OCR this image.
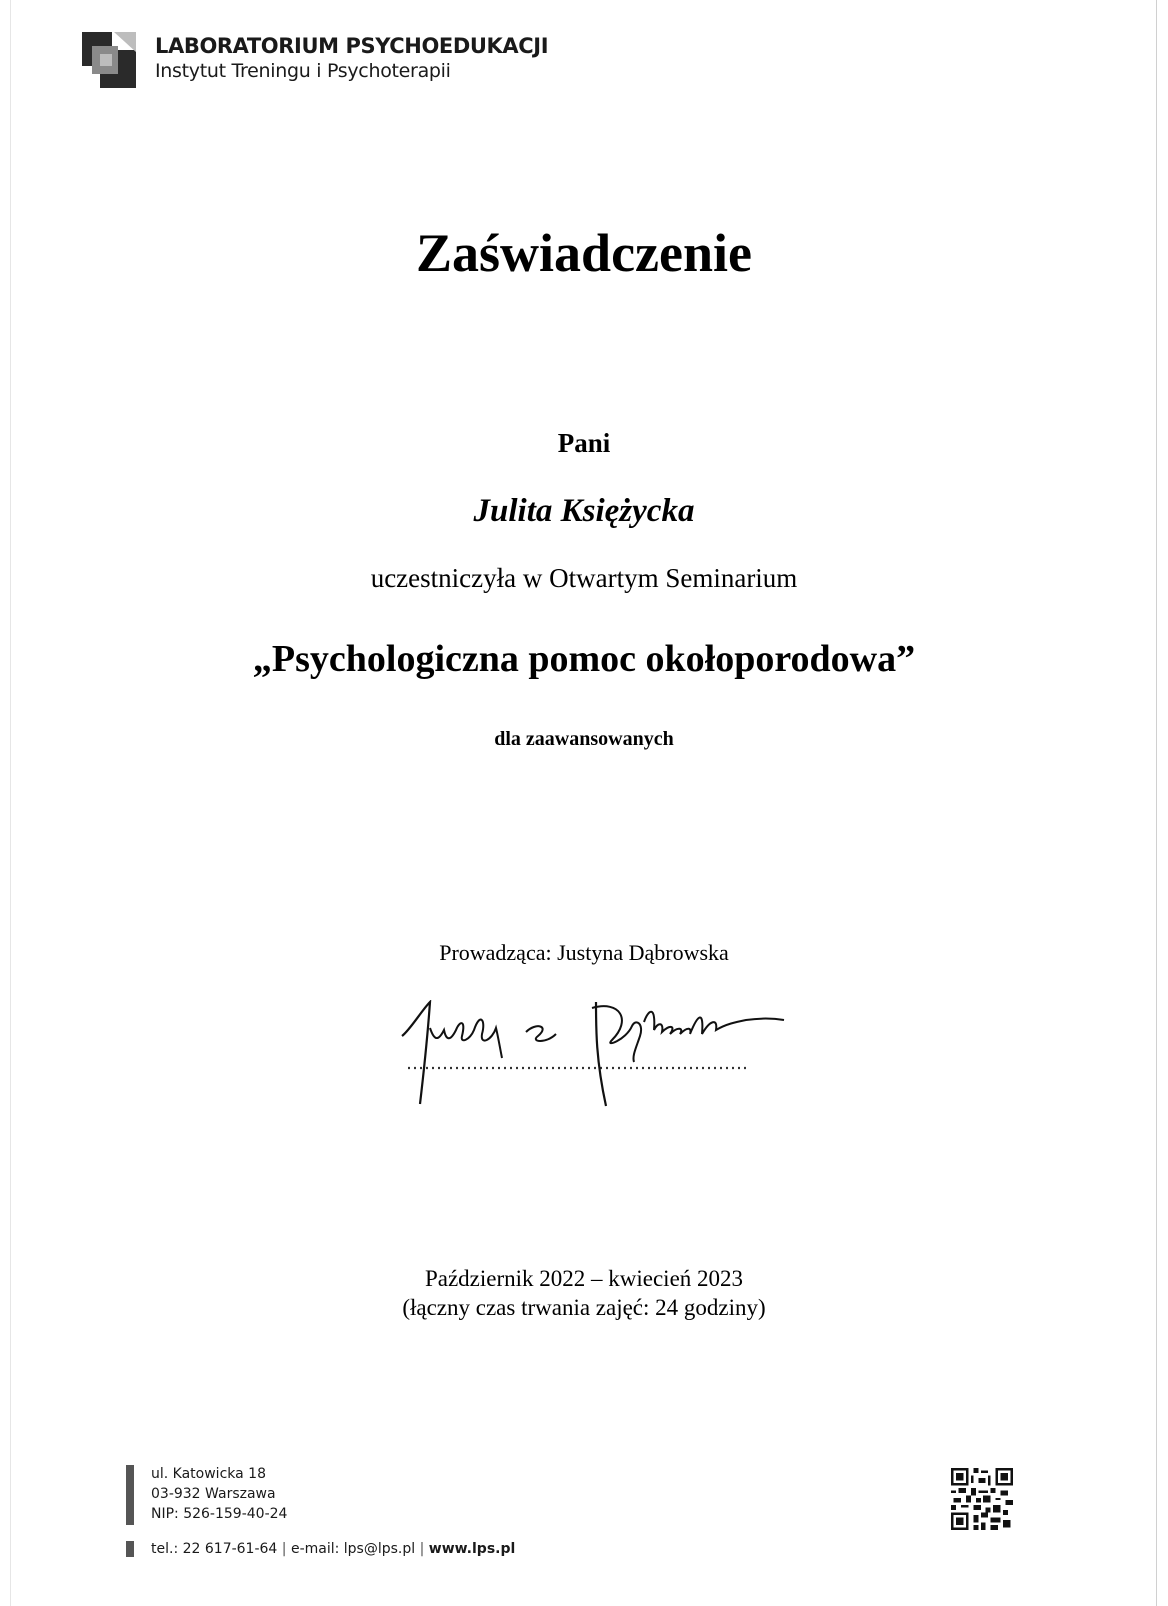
LABORATORIUM PSYCHOEDUKACJI
Instytut Treningu i Psychoterapii
Zaświadczenie
Pani
Julita Księżycka
uczestniczyła w Otwartym Seminarium
„Psychologiczna pomoc okołoporodowa”
dla zaawansowanych
Prowadząca: Justyna Dąbrowska
Październik 2022 – kwiecień 2023
(łączny czas trwania zajęć: 24 godziny)
ul. Katowicka 18
03-932 Warszawa
NIP: 526-159-40-24
tel.: 22 617-61-64 | e-mail: lps@lps.pl | www.lps.pl
